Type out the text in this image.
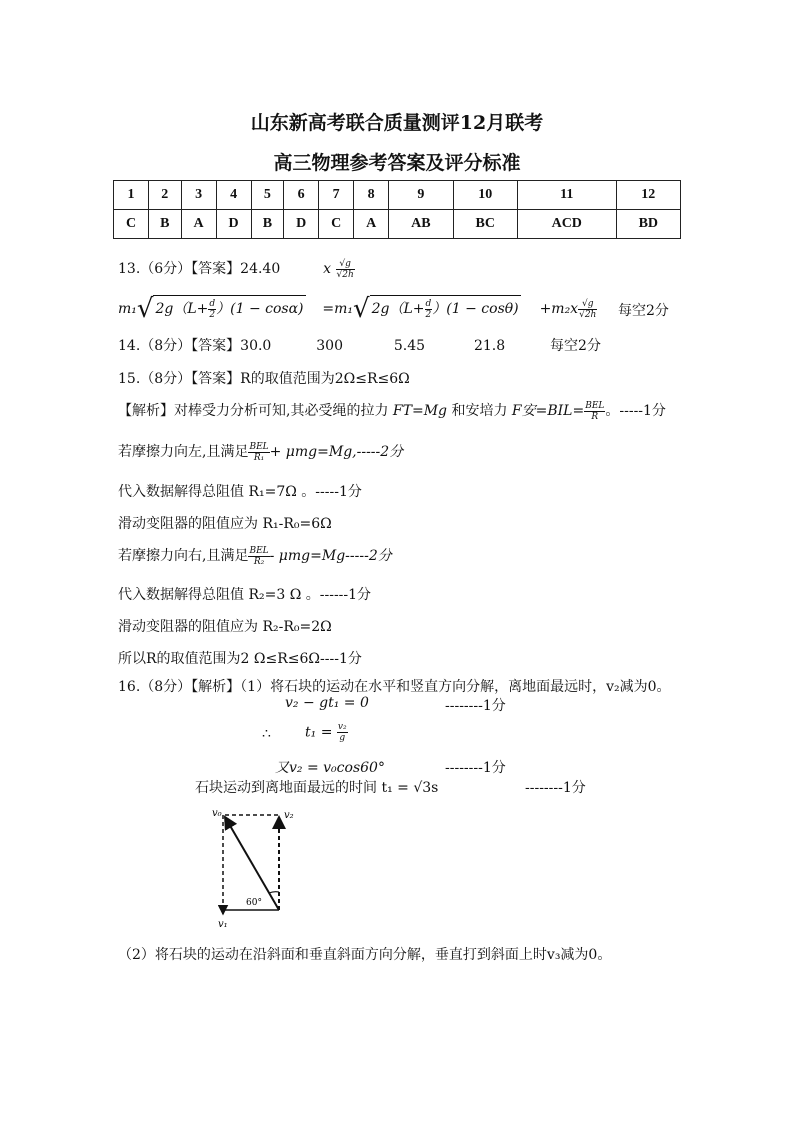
山东新高考联合质量测评12月联考
高三物理参考答案及评分标准
1	2	3	4	5	6	7	8	9	10	11	12
C	B	A	D	B	D	C	A	AB	BC	ACD	BD
13.（6分）【答案】24.40	x $\frac{√g}{√2h}$
m₁√ $2g(L+ \frac{d}{2} )(1 - \cos\alpha) =m_1√$ $2g(L+ \frac{d}{2} )(1 - \cos\theta) +m_2x \frac{√g}{√2h}$ 每空2分
14.（8分）【答案】30.0	300	5.45	21.8	每空2分
15.（8分）【答案】R的取值范围为2Ω≤R≤6Ω
【解析】对棒受力分析可知,其必受绳的拉力 FT=Mg 和安培力 F安$=BIL= \frac{\text{BEL}}{R}$ 。-----1分
若摩擦力向左,且满足 $\frac{\text{BEL}}{\text{R₁}} + \mu mg=Mg,-----2$分
代入数据解得总阻值 R₁=7Ω 。-----1分
滑动变阻器的阻值应为 R₁-R₀=6Ω
若摩擦力向右,且满足 $\frac{\text{BEL}}{\text{R₂}} - \mu mg=Mg-----2$分
代入数据解得总阻值 R₂=3 Ω 。------1分
滑动变阻器的阻值应为 R₂-R₀=2Ω
所以R的取值范围为2 Ω≤R≤6Ω----1分
16.（8分）【解析】（1）将石块的运动在水平和竖直方向分解，离地面最远时，v₂减为0。
v₂ − gt₁ = 0	--------1分
∴ $t_1 = \frac{\text{v₂}}{g}$
又v₂ = v₀cos60°	--------1分
石块运动到离地面最远的时间 t₁ = √3s	--------1分
v₀	v₂
v₁
60°
（2）将石块的运动在沿斜面和垂直斜面方向分解，垂直打到斜面上时v₃减为0。
